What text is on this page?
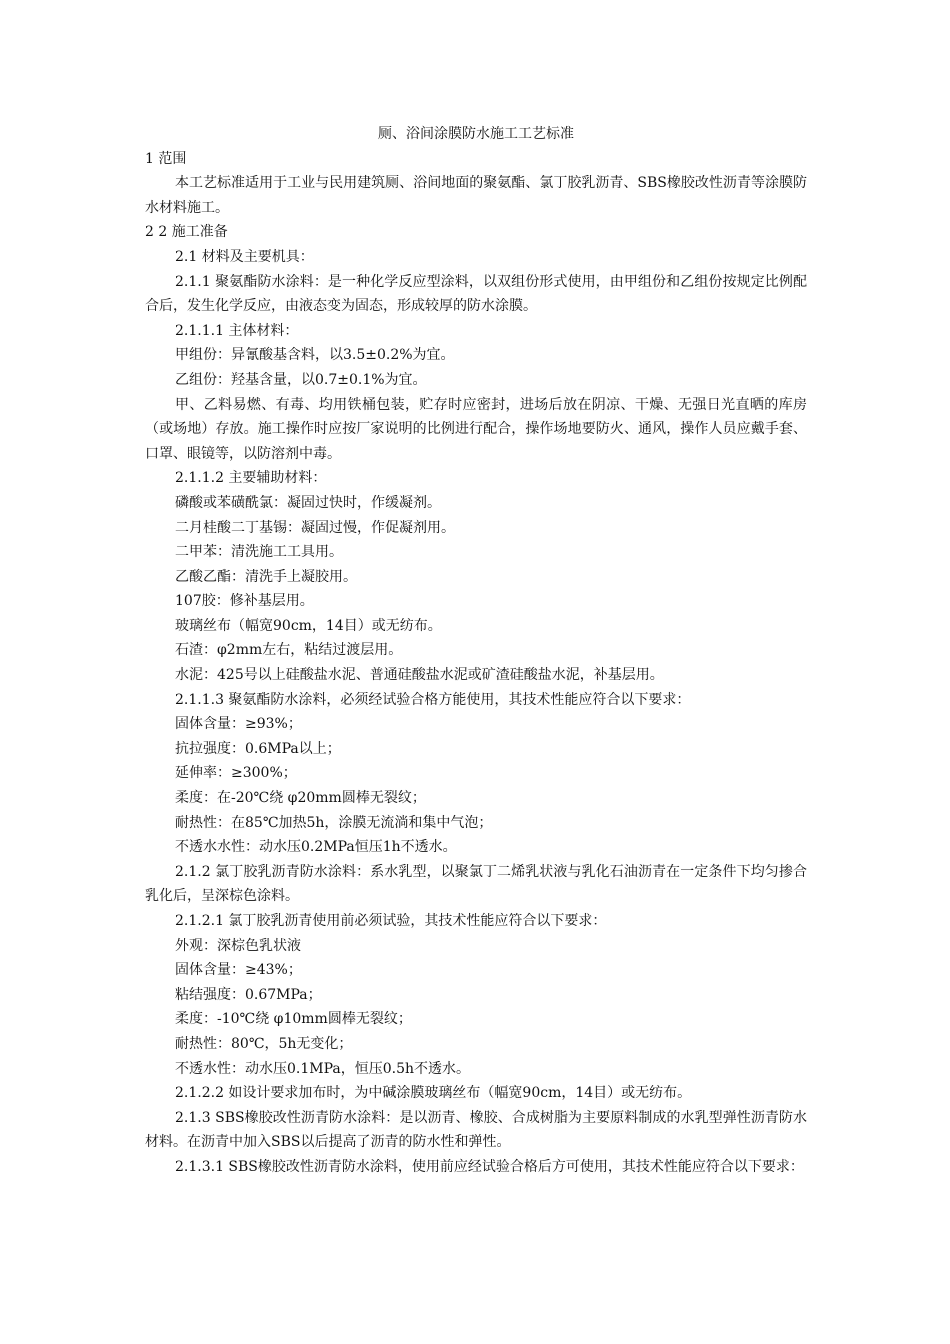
厕、浴间涂膜防水施工工艺标准

1 范围

本工艺标准适用于工业与民用建筑厕、浴间地面的聚氨酯、氯丁胶乳沥青、SBS橡胶改性沥青等涂膜防水材料施工。

2 2 施工准备

2.1 材料及主要机具：

2.1.1 聚氨酯防水涂料：是一种化学反应型涂料，以双组份形式使用，由甲组份和乙组份按规定比例配合后，发生化学反应，由液态变为固态，形成较厚的防水涂膜。

2.1.1.1 主体材料：

甲组份：异氰酸基含料，以3.5±0.2%为宜。

乙组份：羟基含量，以0.7±0.1%为宜。

甲、乙料易燃、有毒、均用铁桶包装，贮存时应密封，进场后放在阴凉、干燥、无强日光直晒的库房（或场地）存放。施工操作时应按厂家说明的比例进行配合，操作场地要防火、通风，操作人员应戴手套、口罩、眼镜等，以防溶剂中毒。

2.1.1.2 主要辅助材料：

磷酸或苯磺酰氯：凝固过快时，作缓凝剂。

二月桂酸二丁基锡：凝固过慢，作促凝剂用。

二甲苯：清洗施工工具用。

乙酸乙酯：清洗手上凝胶用。

107胶：修补基层用。

玻璃丝布（幅宽90cm，14目）或无纺布。

石渣：φ2mm左右，粘结过渡层用。

水泥：425号以上硅酸盐水泥、普通硅酸盐水泥或矿渣硅酸盐水泥，补基层用。

2.1.1.3 聚氨酯防水涂料，必须经试验合格方能使用，其技术性能应符合以下要求：

固体含量：≥93%；

抗拉强度：0.6MPa以上；

延伸率：≥300%；

柔度：在-20℃绕 φ20mm圆棒无裂纹；

耐热性：在85℃加热5h，涂膜无流淌和集中气泡；

不透水水性：动水压0.2MPa恒压1h不透水。

2.1.2 氯丁胶乳沥青防水涂料：系水乳型，以聚氯丁二烯乳状液与乳化石油沥青在一定条件下均匀掺合乳化后，呈深棕色涂料。

2.1.2.1 氯丁胶乳沥青使用前必须试验，其技术性能应符合以下要求：

外观：深棕色乳状液

固体含量：≥43%；

粘结强度：0.67MPa；

柔度：-10℃绕 φ10mm圆棒无裂纹；

耐热性：80℃，5h无变化；

不透水性：动水压0.1MPa，恒压0.5h不透水。

2.1.2.2 如设计要求加布时，为中碱涂膜玻璃丝布（幅宽90cm，14目）或无纺布。

2.1.3 SBS橡胶改性沥青防水涂料：是以沥青、橡胶、合成树脂为主要原料制成的水乳型弹性沥青防水材料。在沥青中加入SBS以后提高了沥青的防水性和弹性。

2.1.3.1 SBS橡胶改性沥青防水涂料，使用前应经试验合格后方可使用，其技术性能应符合以下要求：
